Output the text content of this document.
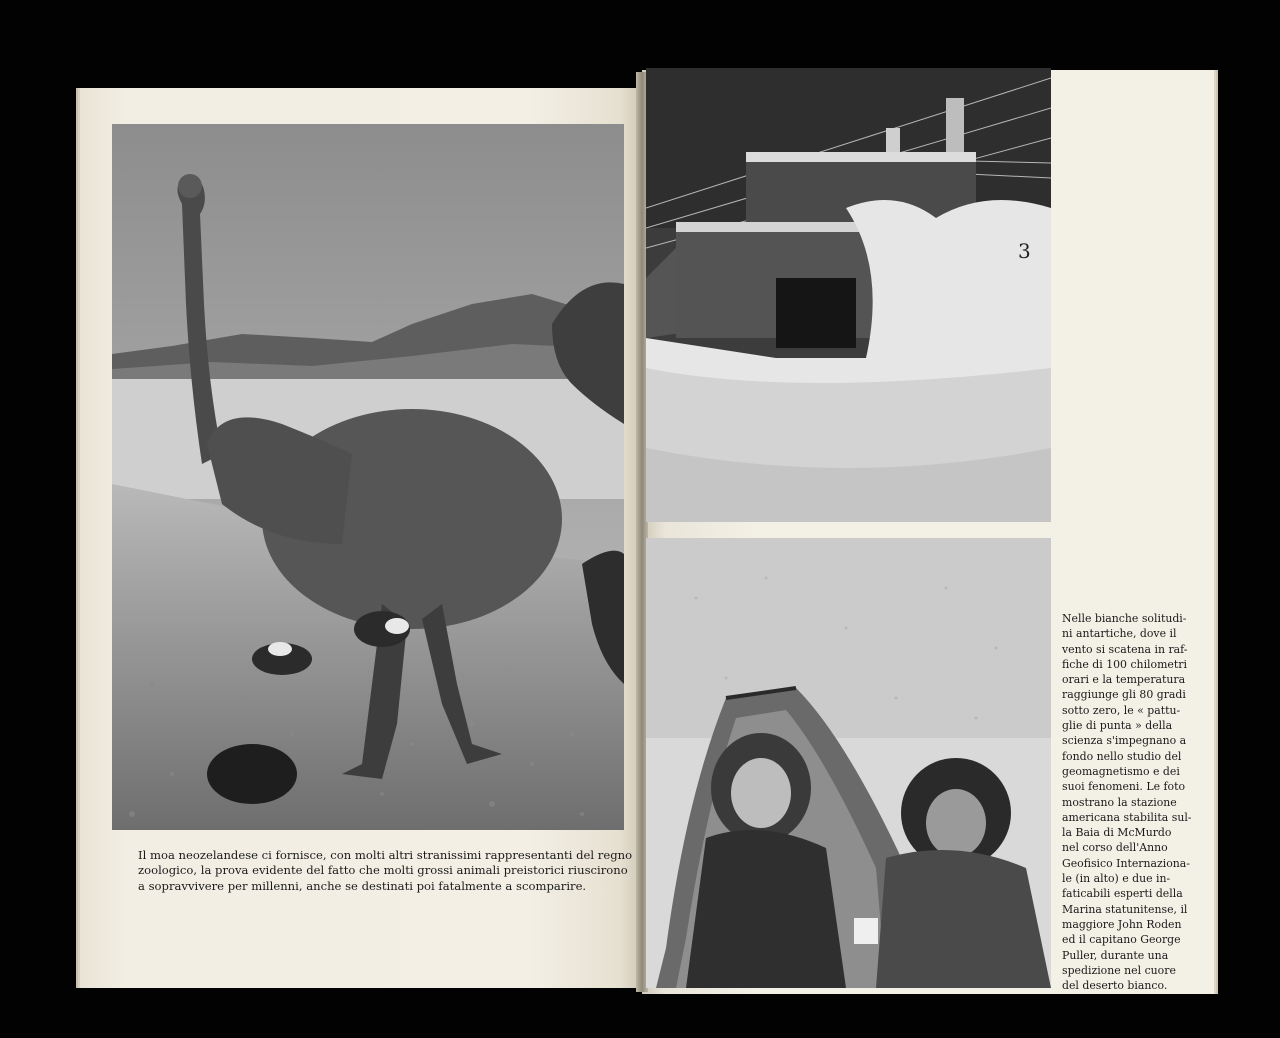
3
Il moa neozelandese ci fornisce, con molti altri stranissimi rappresentanti del regno
zoologico, la prova evidente del fatto che molti grossi animali preistorici riuscirono
a sopravvivere per millenni, anche se destinati poi fatalmente a scomparire.
Nelle bianche solitudi-
ni antartiche, dove il
vento si scatena in raf-
fiche di 100 chilometri
orari e la temperatura
raggiunge gli 80 gradi
sotto zero, le « pattu-
glie di punta » della
scienza s'impegnano a
fondo nello studio del
geomagnetismo e dei
suoi fenomeni. Le foto
mostrano la stazione
americana stabilita sul-
la Baia di McMurdo
nel corso dell'Anno
Geofisico Internaziona-
le (in alto) e due in-
faticabili esperti della
Marina statunitense, il
maggiore John Roden
ed il capitano George
Puller, durante una
spedizione nel cuore
del deserto bianco.
